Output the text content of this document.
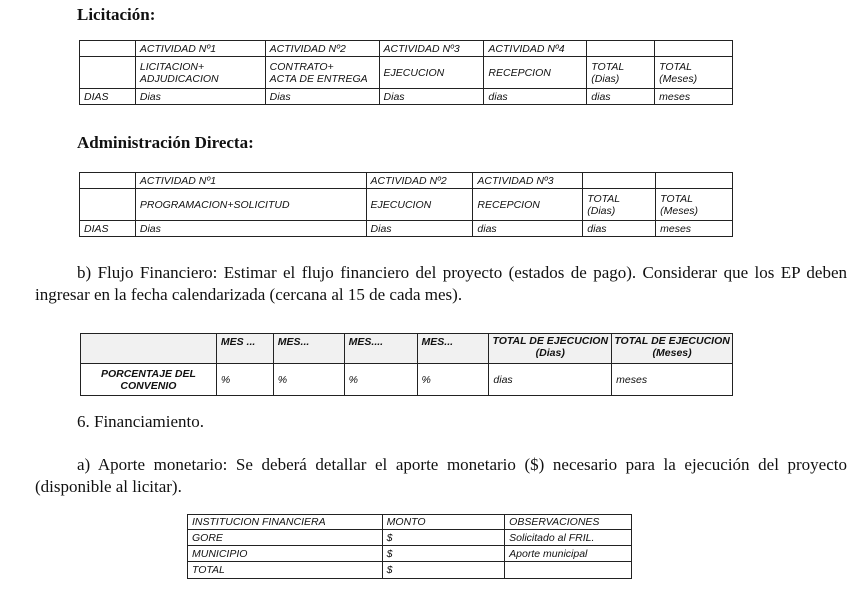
Licitación:
	ACTIVIDAD Nº1	ACTIVIDAD Nº2	ACTIVIDAD Nº3	ACTIVIDAD Nº4		

	LICITACION+
ADJUDICACION	CONTRATO+
ACTA DE ENTREGA	EJECUCION	RECEPCION	TOTAL
(Dias)	TOTAL
(Meses)

DIAS	Dias	Dias	Dias	dias	dias	meses
Administración Directa:
	ACTIVIDAD Nº1	ACTIVIDAD Nº2	ACTIVIDAD Nº3		

	PROGRAMACION+SOLICITUD	EJECUCION	RECEPCION	TOTAL
(Dias)	TOTAL
(Meses)

DIAS	Dias	Dias	dias	dias	meses

b) Flujo Financiero: Estimar el flujo financiero del proyecto (estados de pago). Considerar que los EP deben ingresar en la fecha calendarizada (cercana al 15 de cada mes).

	MES ...	MES...	MES....	MES...	TOTAL DE EJECUCION (Dias)	TOTAL DE EJECUCION (Meses)
PORCENTAJE DEL CONVENIO	%	%	%	%	dias	meses

6. Financiamiento.

a) Aporte monetario: Se deberá detallar el aporte monetario ($) necesario para la ejecución del proyecto (disponible al licitar).

INSTITUCION FINANCIERA	MONTO	OBSERVACIONES
GORE	$	Solicitado al FRIL.
MUNICIPIO	$	Aporte municipal
TOTAL	$	
